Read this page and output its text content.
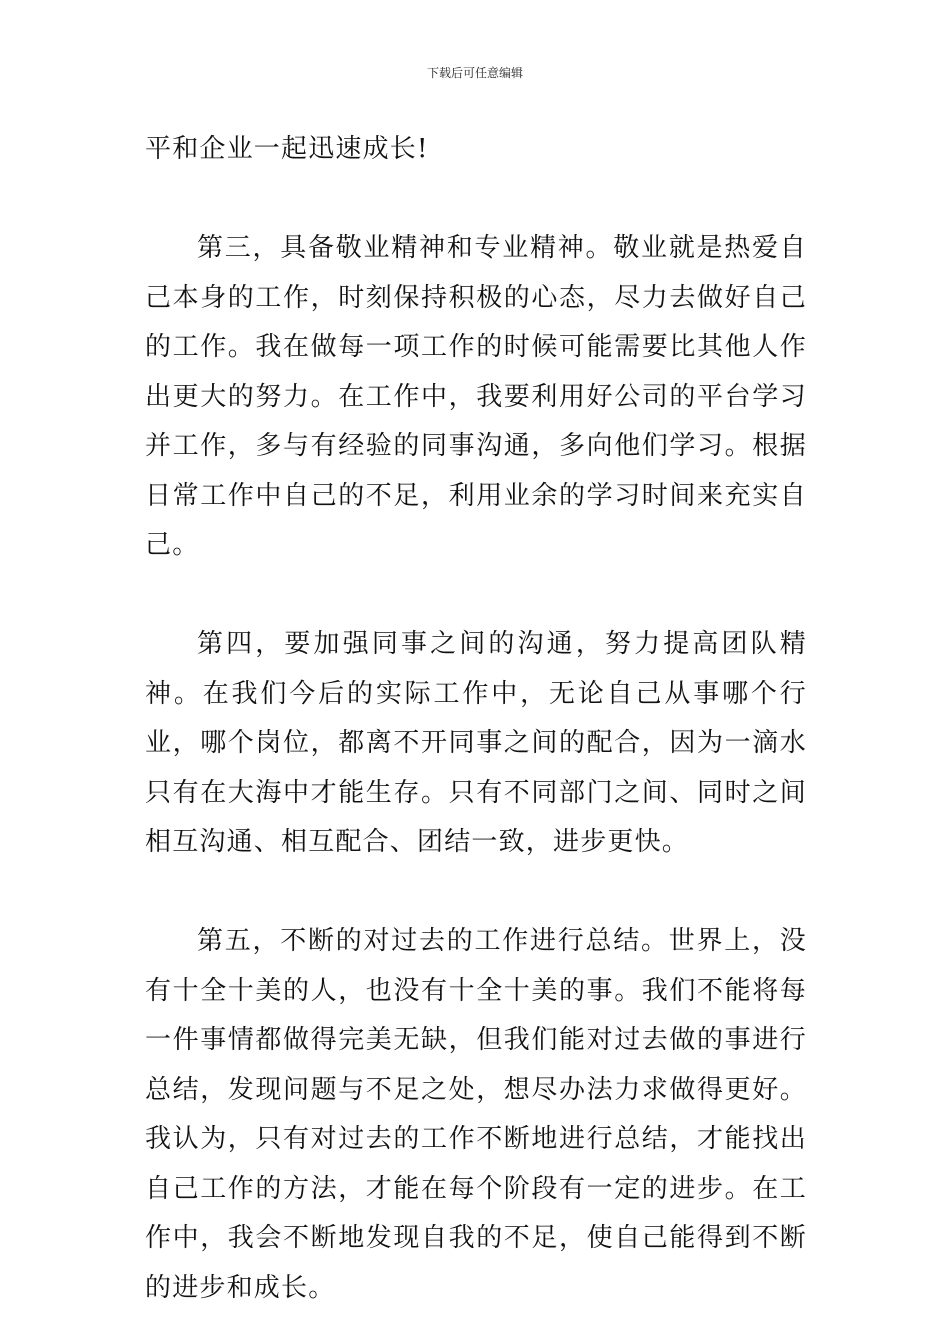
下载后可任意编辑

平和企业一起迅速成长!

第三，具备敬业精神和专业精神。敬业就是热爱自己本身的工作，时刻保持积极的心态，尽力去做好自己的工作。我在做每一项工作的时候可能需要比其他人作出更大的努力。在工作中，我要利用好公司的平台学习并工作，多与有经验的同事沟通，多向他们学习。根据日常工作中自己的不足，利用业余的学习时间来充实自己。

第四，要加强同事之间的沟通，努力提高团队精神。在我们今后的实际工作中，无论自己从事哪个行业，哪个岗位，都离不开同事之间的配合，因为一滴水只有在大海中才能生存。只有不同部门之间、同时之间相互沟通、相互配合、团结一致，进步更快。

第五，不断的对过去的工作进行总结。世界上，没有十全十美的人，也没有十全十美的事。我们不能将每一件事情都做得完美无缺，但我们能对过去做的事进行总结，发现问题与不足之处，想尽办法力求做得更好。我认为，只有对过去的工作不断地进行总结，才能找出自己工作的方法，才能在每个阶段有一定的进步。在工作中，我会不断地发现自我的不足，使自己能得到不断的进步和成长。
